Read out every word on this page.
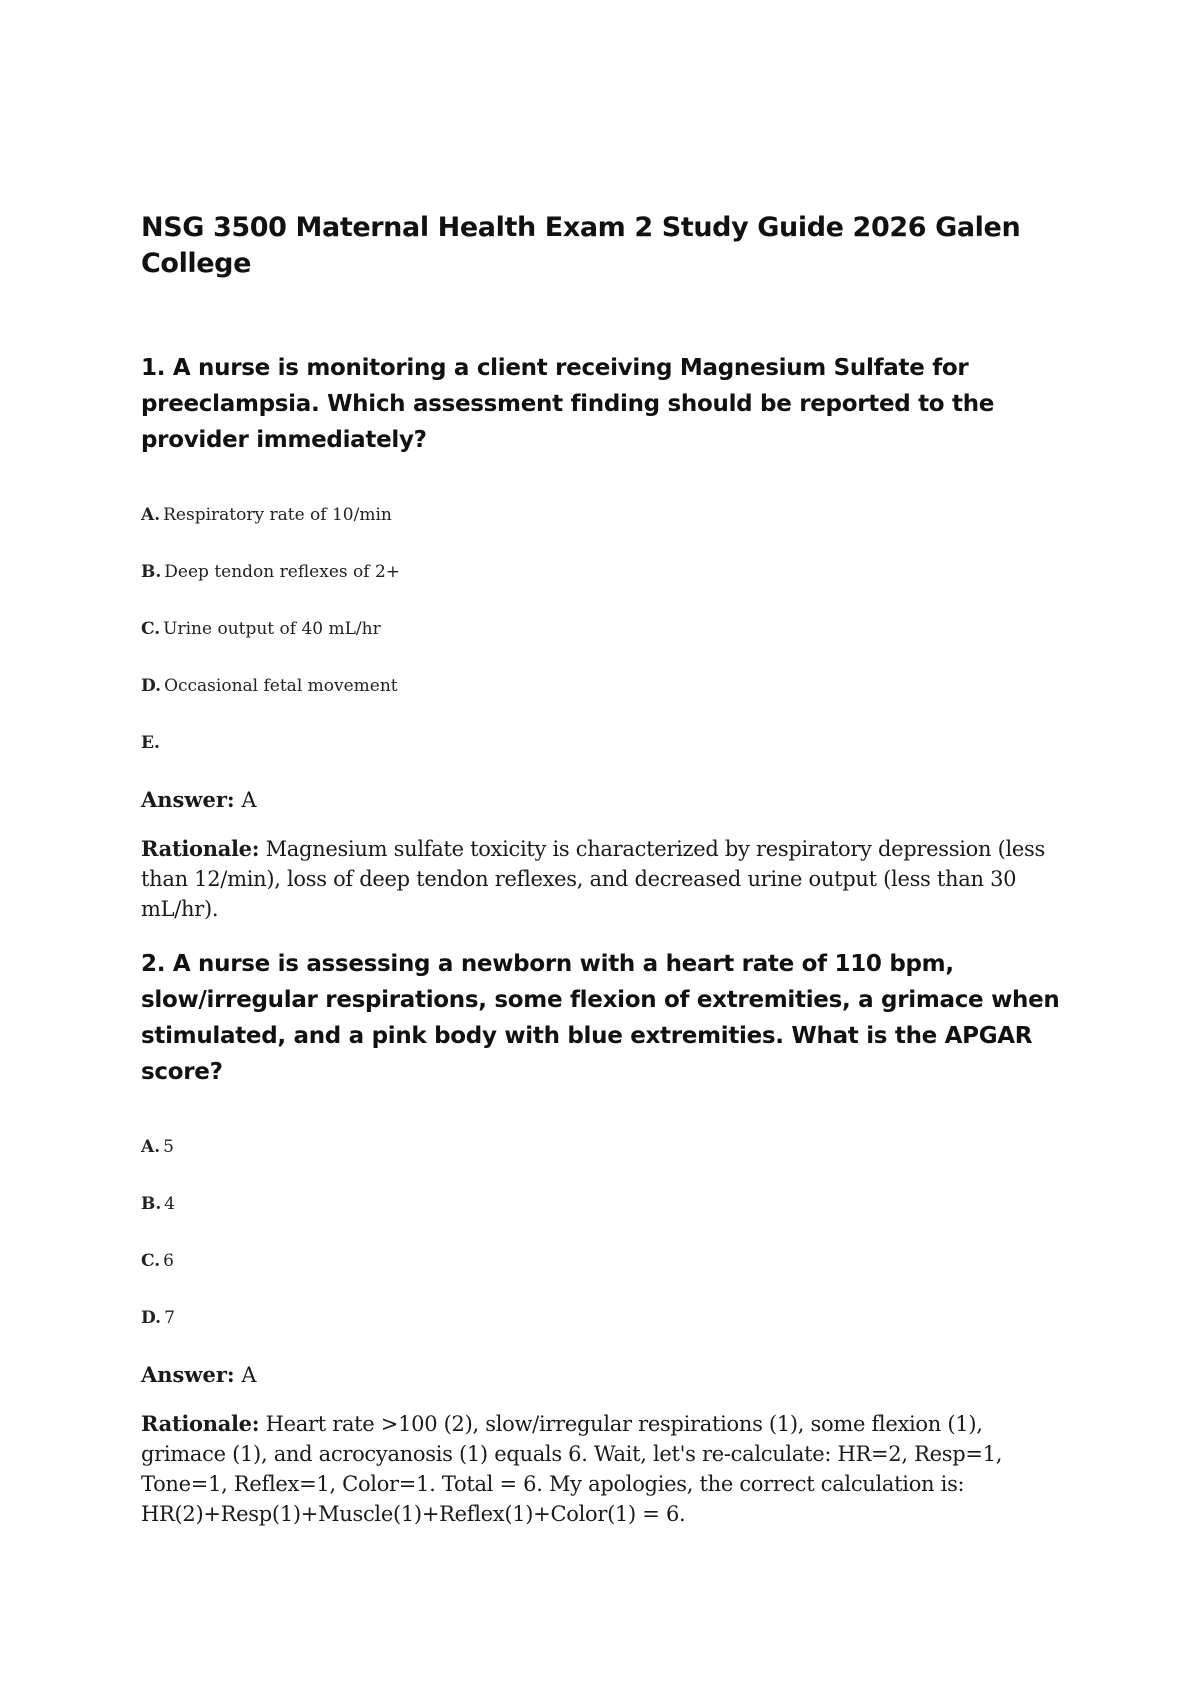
NSG 3500 Maternal Health Exam 2 Study Guide 2026 Galen College

1. A nurse is monitoring a client receiving Magnesium Sulfate for preeclampsia. Which assessment finding should be reported to the provider immediately?

A. Respiratory rate of 10/min
B. Deep tendon reflexes of 2+
C. Urine output of 40 mL/hr
D. Occasional fetal movement
E.

Answer: A

Rationale: Magnesium sulfate toxicity is characterized by respiratory depression (less than 12/min), loss of deep tendon reflexes, and decreased urine output (less than 30 mL/hr).

2. A nurse is assessing a newborn with a heart rate of 110 bpm, slow/irregular respirations, some flexion of extremities, a grimace when stimulated, and a pink body with blue extremities. What is the APGAR score?

A. 5
B. 4
C. 6
D. 7

Answer: A

Rationale: Heart rate >100 (2), slow/irregular respirations (1), some flexion (1), grimace (1), and acrocyanosis (1) equals 6. Wait, let's re-calculate: HR=2, Resp=1, Tone=1, Reflex=1, Color=1. Total = 6. My apologies, the correct calculation is: HR(2)+Resp(1)+Muscle(1)+Reflex(1)+Color(1) = 6.
